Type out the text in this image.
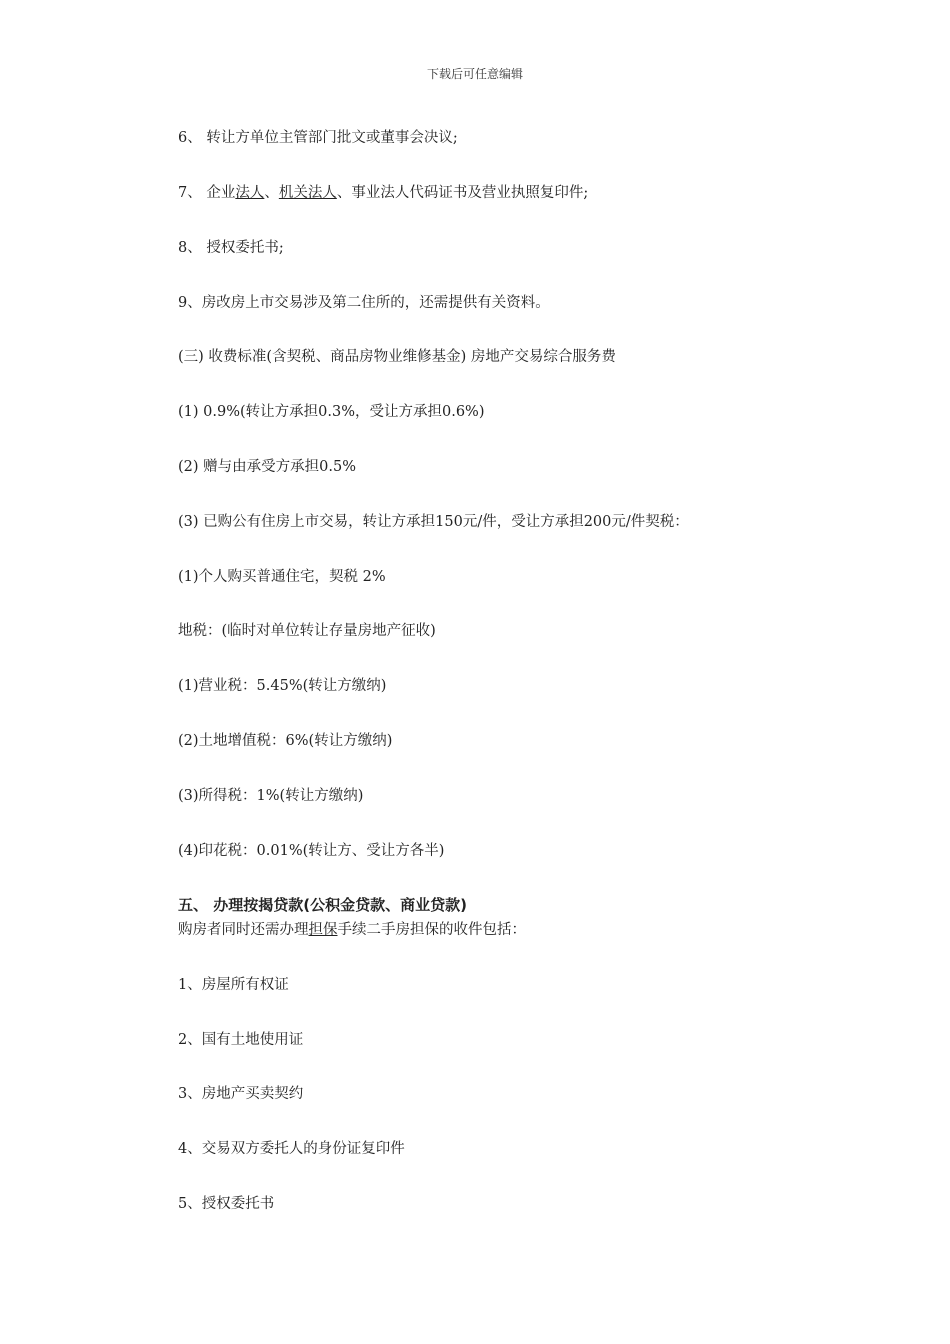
下载后可任意编辑
6、 转让方单位主管部门批文或董事会决议;
7、 企业法人、机关法人、事业法人代码证书及营业执照复印件;
8、 授权委托书;
9、房改房上市交易涉及第二住所的，还需提供有关资料。
(三) 收费标准(含契税、商品房物业维修基金) 房地产交易综合服务费
(1) 0.9%(转让方承担0.3%，受让方承担0.6%)
(2) 赠与由承受方承担0.5%
(3) 已购公有住房上市交易，转让方承担150元/件，受让方承担200元/件契税：
(1)个人购买普通住宅，契税 2%
地税：(临时对单位转让存量房地产征收)
(1)营业税：5.45%(转让方缴纳)
(2)土地增值税：6%(转让方缴纳)
(3)所得税：1%(转让方缴纳)
(4)印花税：0.01%(转让方、受让方各半)
五、 办理按揭贷款(公积金贷款、商业贷款)
购房者同时还需办理担保手续二手房担保的收件包括：
1、房屋所有权证
2、国有土地使用证
3、房地产买卖契约
4、交易双方委托人的身份证复印件
5、授权委托书
